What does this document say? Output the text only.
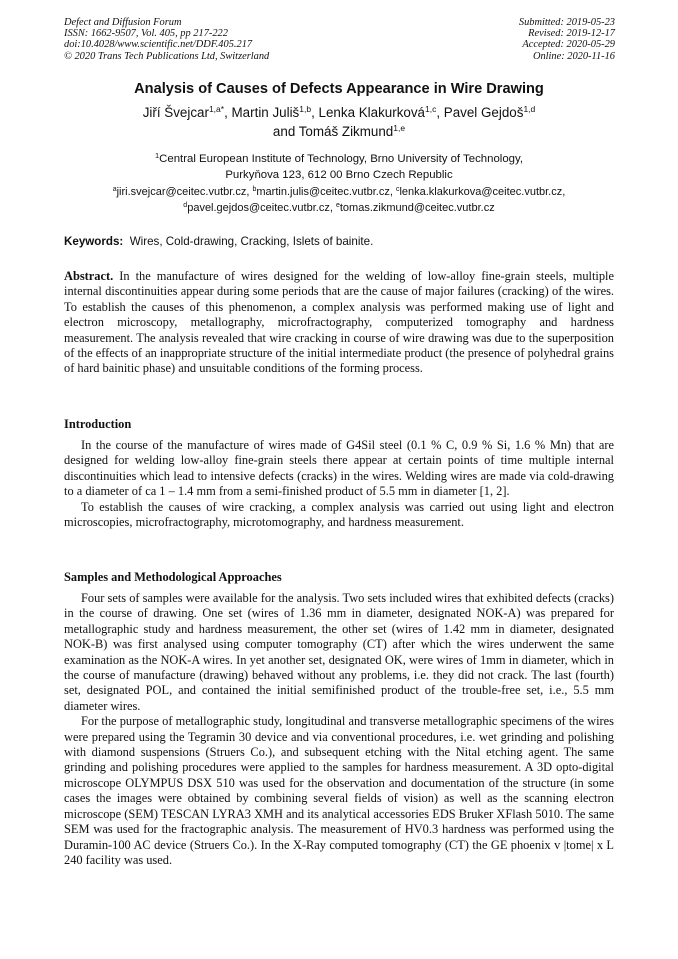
Defect and Diffusion Forum
ISSN: 1662-9507, Vol. 405, pp 217-222
doi:10.4028/www.scientific.net/DDF.405.217
© 2020 Trans Tech Publications Ltd, Switzerland
Submitted: 2019-05-23
Revised: 2019-12-17
Accepted: 2020-05-29
Online: 2020-11-16
Analysis of Causes of Defects Appearance in Wire Drawing
Jiří Švejcar$^{1,a*}$, Martin Juliš$^{1,b}$, Lenka Klakurková$^{1,c}$, Pavel Gejdoš$^{1,d}$
and Tomáš Zikmund$^{1,e}$
$^1$Central European Institute of Technology, Brno University of Technology,
Purkyňova 123, 612 00 Brno Czech Republic
$^a$jiri.svejcar@ceitec.vutbr.cz, $^b$martin.julis@ceitec.vutbr.cz, $^c$lenka.klakurkova@ceitec.vutbr.cz,
$^d$pavel.gejdos@ceitec.vutbr.cz, $^e$tomas.zikmund@ceitec.vutbr.cz
Keywords: Wires, Cold-drawing, Cracking, Islets of bainite.

Abstract. In the manufacture of wires designed for the welding of low-alloy fine-grain steels, multiple internal discontinuities appear during some periods that are the cause of major failures (cracking) of the wires. To establish the causes of this phenomenon, a complex analysis was performed making use of light and electron microscopy, metallography, microfractography, computerized tomography and hardness measurement. The analysis revealed that wire cracking in course of wire drawing was due to the superposition of the effects of an inappropriate structure of the initial intermediate product (the presence of polyhedral grains of hard bainitic phase) and unsuitable conditions of the forming process.

Introduction

In the course of the manufacture of wires made of G4Sil steel (0.1 % C, 0.9 % Si, 1.6 % Mn) that are designed for welding low-alloy fine-grain steels there appear at certain points of time multiple internal discontinuities which lead to intensive defects (cracks) in the wires. Welding wires are made via cold-drawing to a diameter of ca 1 – 1.4 mm from a semi-finished product of 5.5 mm in diameter [1, 2].

To establish the causes of wire cracking, a complex analysis was carried out using light and electron microscopies, microfractography, microtomography, and hardness measurement.

Samples and Methodological Approaches

Four sets of samples were available for the analysis. Two sets included wires that exhibited defects (cracks) in the course of drawing. One set (wires of 1.36 mm in diameter, designated NOK-A) was prepared for metallographic study and hardness measurement, the other set (wires of 1.42 mm in diameter, designated NOK-B) was first analysed using computer tomography (CT) after which the wires underwent the same examination as the NOK-A wires. In yet another set, designated OK, were wires of 1mm in diameter, which in the course of manufacture (drawing) behaved without any problems, i.e. they did not crack. The last (fourth) set, designated POL, and contained the initial semifinished product of the trouble-free set, i.e., 5.5 mm diameter wires.

For the purpose of metallographic study, longitudinal and transverse metallographic specimens of the wires were prepared using the Tegramin 30 device and via conventional procedures, i.e. wet grinding and polishing with diamond suspensions (Struers Co.), and subsequent etching with the Nital etching agent. The same grinding and polishing procedures were applied to the samples for hardness measurement. A 3D opto-digital microscope OLYMPUS DSX 510 was used for the observation and documentation of the structure (in some cases the images were obtained by combining several fields of vision) as well as the scanning electron microscope (SEM) TESCAN LYRA3 XMH and its analytical accessories EDS Bruker XFlash 5010. The same SEM was used for the fractographic analysis. The measurement of HV0.3 hardness was performed using the Duramin-100 AC device (Struers Co.). In the X-Ray computed tomography (CT) the GE phoenix v |tome| x L 240 facility was used.
